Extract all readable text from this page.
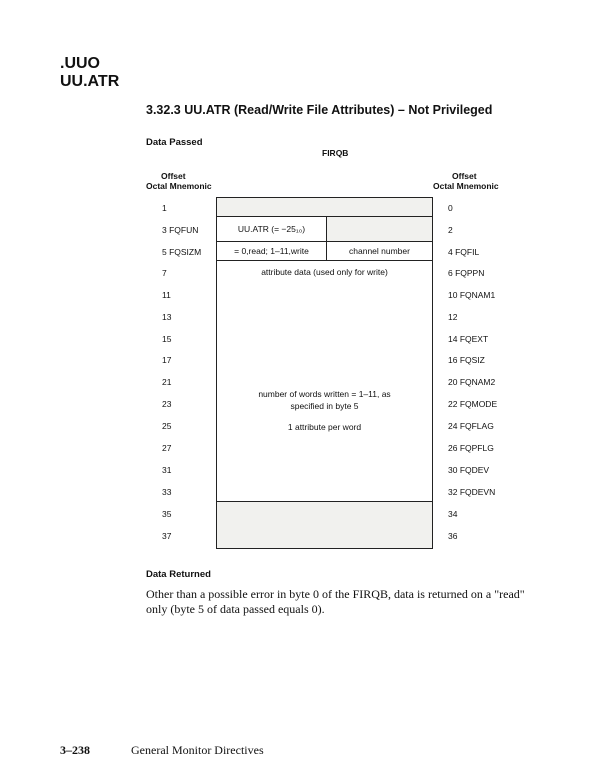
.UUO
UU.ATR
3.32.3 UU.ATR (Read/Write File Attributes) – Not Privileged
Data Passed
FIRQB
Offset
Octal Mnemonic
Offset
Octal Mnemonic
1
3 FQFUN
5 FQSIZM
7
11
13
15
17
21
23
25
27
31
33
35
37
0
2
4 FQFIL
6 FQPPN
10 FQNAM1
12
14 FQEXT
16 FQSIZ
20 FQNAM2
22 FQMODE
24 FQFLAG
26 FQPFLG
30 FQDEV
32 FQDEVN
34
36
UU.ATR (= −25₁₀)
= 0,read; 1–11,write	channel number
attribute data (used only for write)
number of words written = 1–11, as
specified in byte 5
1 attribute per word
Data Returned
Other than a possible error in byte 0 of the FIRQB, data is returned on a "read" only (byte 5 of data passed equals 0).
3–238	General Monitor Directives
